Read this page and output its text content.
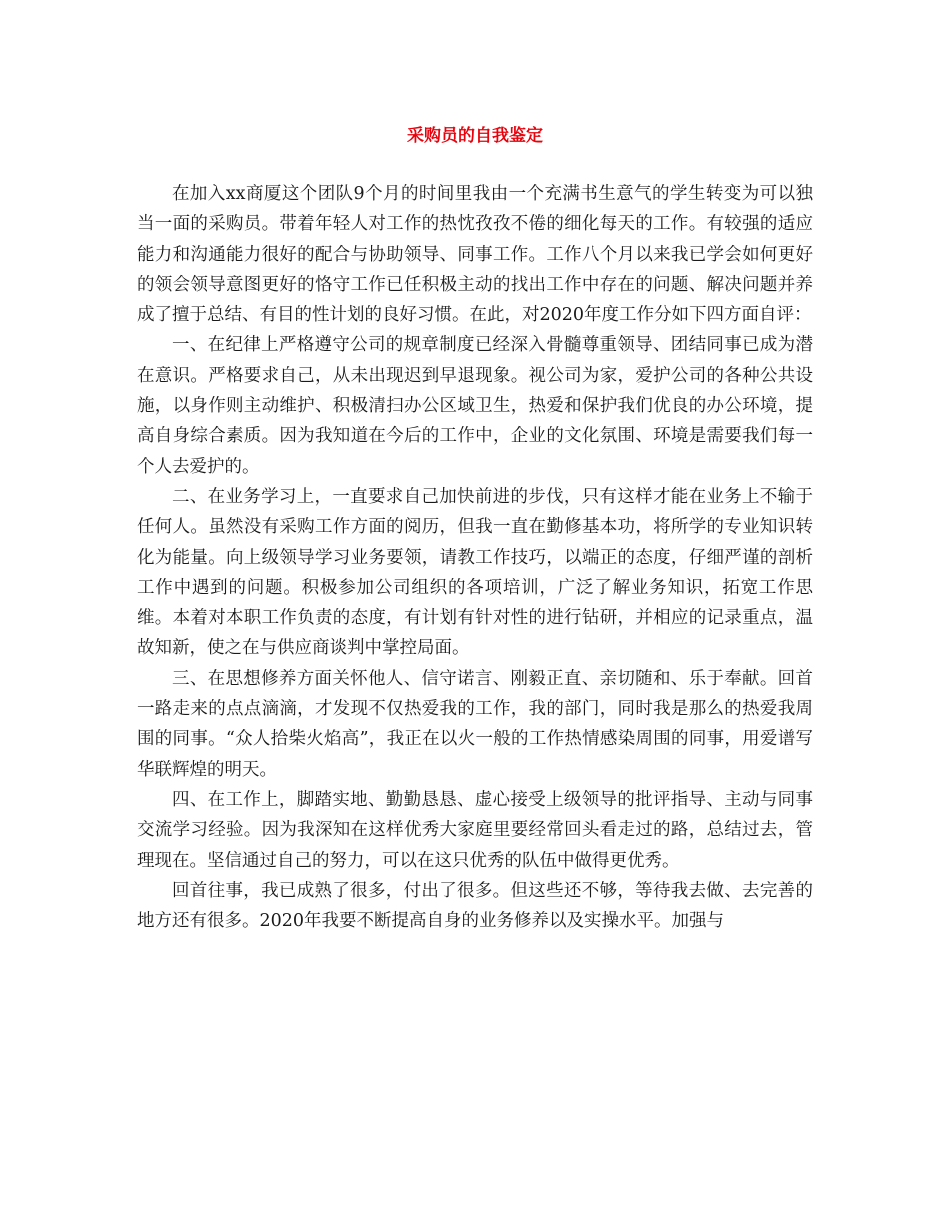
采购员的自我鉴定

在加入xx商厦这个团队9个月的时间里我由一个充满书生意气的学生转变为可以独当一面的采购员。带着年轻人对工作的热忱孜孜不倦的细化每天的工作。有较强的适应能力和沟通能力很好的配合与协助领导、同事工作。工作八个月以来我已学会如何更好的领会领导意图更好的恪守工作已任积极主动的找出工作中存在的问题、解决问题并养成了擅于总结、有目的性计划的良好习惯。在此，对2020年度工作分如下四方面自评：

一、在纪律上严格遵守公司的规章制度已经深入骨髓尊重领导、团结同事已成为潜在意识。严格要求自己，从未出现迟到早退现象。视公司为家，爱护公司的各种公共设施，以身作则主动维护、积极清扫办公区域卫生，热爱和保护我们优良的办公环境，提高自身综合素质。因为我知道在今后的工作中，企业的文化氛围、环境是需要我们每一个人去爱护的。

二、在业务学习上，一直要求自己加快前进的步伐，只有这样才能在业务上不输于任何人。虽然没有采购工作方面的阅历，但我一直在勤修基本功，将所学的专业知识转化为能量。向上级领导学习业务要领，请教工作技巧，以端正的态度，仔细严谨的剖析工作中遇到的问题。积极参加公司组织的各项培训，广泛了解业务知识，拓宽工作思维。本着对本职工作负责的态度，有计划有针对性的进行钻研，并相应的记录重点，温故知新，使之在与供应商谈判中掌控局面。

三、在思想修养方面关怀他人、信守诺言、刚毅正直、亲切随和、乐于奉献。回首一路走来的点点滴滴，才发现不仅热爱我的工作，我的部门，同时我是那么的热爱我周围的同事。“众人拾柴火焰高”，我正在以火一般的工作热情感染周围的同事，用爱谱写华联辉煌的明天。

四、在工作上，脚踏实地、勤勤恳恳、虚心接受上级领导的批评指导、主动与同事交流学习经验。因为我深知在这样优秀大家庭里要经常回头看走过的路，总结过去，管理现在。坚信通过自己的努力，可以在这只优秀的队伍中做得更优秀。

回首往事，我已成熟了很多，付出了很多。但这些还不够，等待我去做、去完善的地方还有很多。2020年我要不断提高自身的业务修养以及实操水平。加强与
